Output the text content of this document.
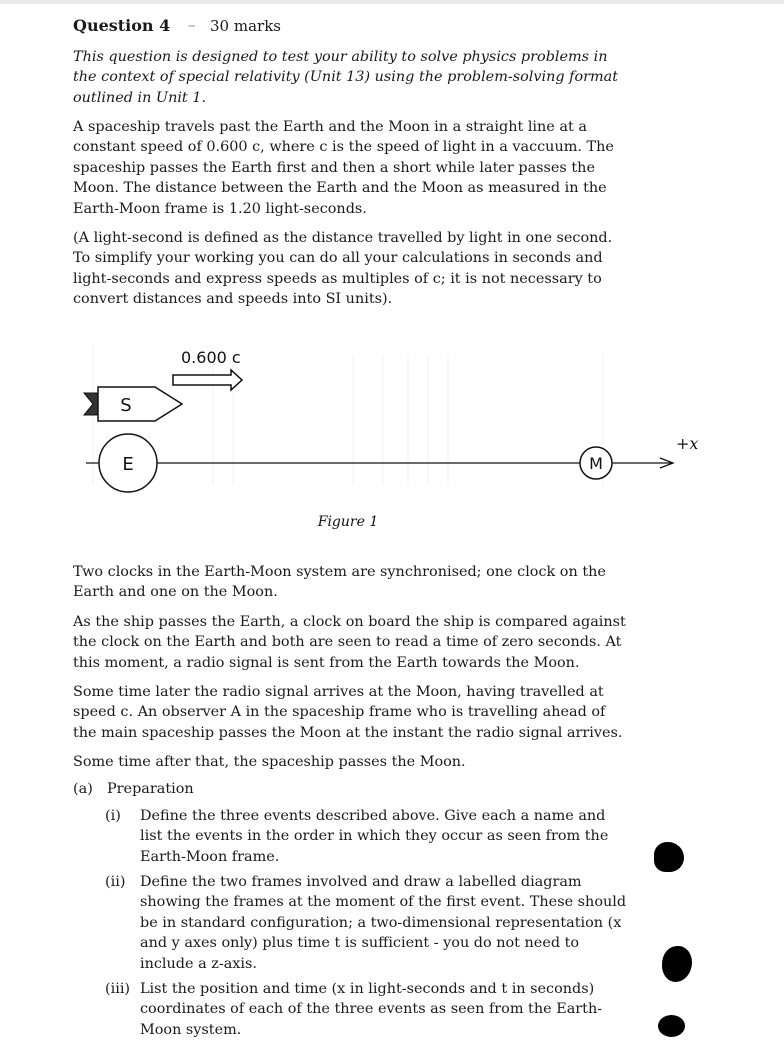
Question 4 – 30 marks

This question is designed to test your ability to solve physics problems in the context of special relativity (Unit 13) using the problem-solving format outlined in Unit 1.

A spaceship travels past the Earth and the Moon in a straight line at a constant speed of 0.600 c, where c is the speed of light in a vaccuum. The spaceship passes the Earth first and then a short while later passes the Moon. The distance between the Earth and the Moon as measured in the Earth-Moon frame is 1.20 light-seconds.

(A light-second is defined as the distance travelled by light in one second. To simplify your working you can do all your calculations in seconds and light-seconds and express speeds as multiples of c; it is not necessary to convert distances and speeds into SI units).

0.600 c
S
+x
E	M
Figure 1

Two clocks in the Earth-Moon system are synchronised; one clock on the Earth and one on the Moon.

As the ship passes the Earth, a clock on board the ship is compared against the clock on the Earth and both are seen to read a time of zero seconds. At this moment, a radio signal is sent from the Earth towards the Moon.

Some time later the radio signal arrives at the Moon, having travelled at speed c. An observer A in the spaceship frame who is travelling ahead of the main spaceship passes the Moon at the instant the radio signal arrives.

Some time after that, the spaceship passes the Moon.

(a) Preparation
(i) Define the three events described above. Give each a name and list the events in the order in which they occur as seen from the Earth-Moon frame.
(ii) Define the two frames involved and draw a labelled diagram showing the frames at the moment of the first event. These should be in standard configuration; a two-dimensional representation (x and y axes only) plus time t is sufficient - you do not need to include a z-axis.
(iii) List the position and time (x in light-seconds and t in seconds) coordinates of each of the three events as seen from the Earth-Moon system.
